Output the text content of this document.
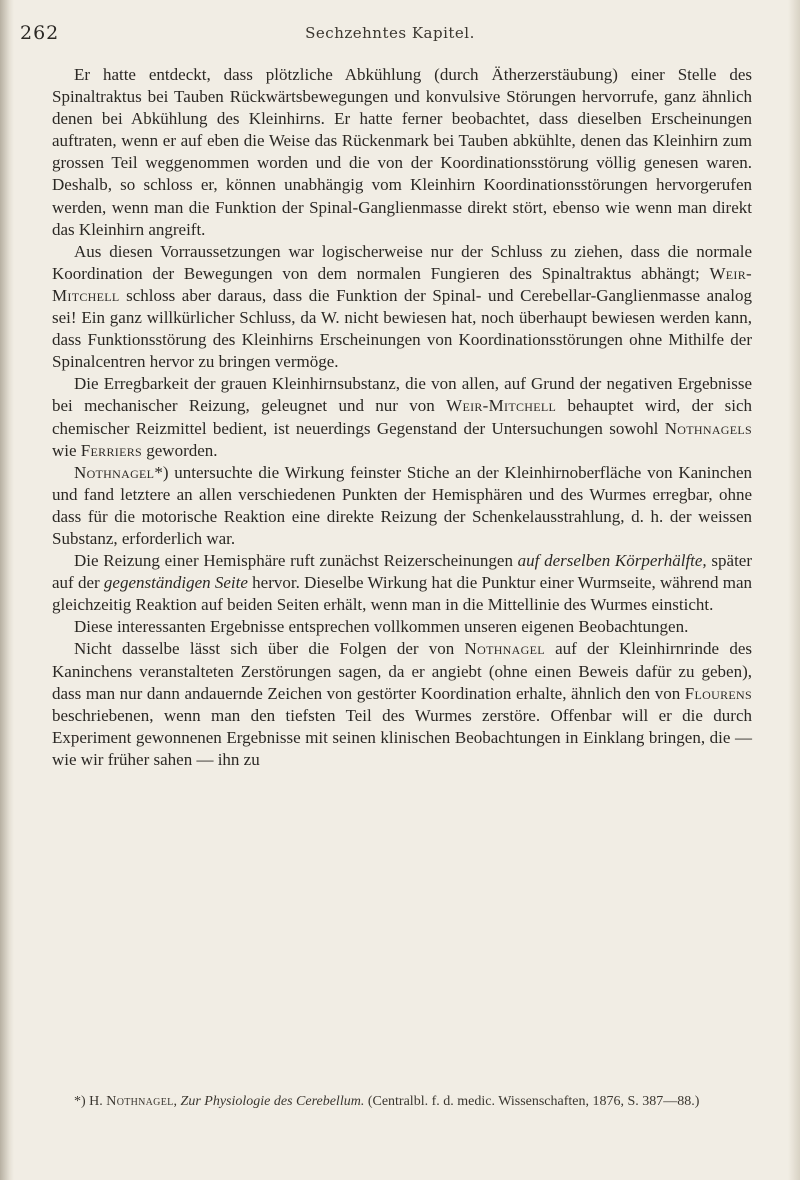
262	Sechzehntes Kapitel.

Er hatte entdeckt, dass plötzliche Abkühlung (durch Ätherzerstäubung) einer Stelle des Spinaltraktus bei Tauben Rückwärtsbewegungen und konvulsive Störungen hervorrufe, ganz ähnlich denen bei Abkühlung des Kleinhirns. Er hatte ferner beobachtet, dass dieselben Erscheinungen auftraten, wenn er auf eben die Weise das Rückenmark bei Tauben abkühlte, denen das Kleinhirn zum grossen Teil weggenommen worden und die von der Koordinationsstörung völlig genesen waren. Deshalb, so schloss er, können unabhängig vom Kleinhirn Koordinationsstörungen hervorgerufen werden, wenn man die Funktion der Spinal-Ganglienmasse direkt stört, ebenso wie wenn man direkt das Kleinhirn angreift.

Aus diesen Vorraussetzungen war logischerweise nur der Schluss zu ziehen, dass die normale Koordination der Bewegungen von dem normalen Fungieren des Spinaltraktus abhängt; Weir-Mitchell schloss aber daraus, dass die Funktion der Spinal- und Cerebellar-Ganglienmasse analog sei! Ein ganz willkürlicher Schluss, da W. nicht bewiesen hat, noch überhaupt bewiesen werden kann, dass Funktionsstörung des Kleinhirns Erscheinungen von Koordinationsstörungen ohne Mithilfe der Spinalcentren hervor zu bringen vermöge.

Die Erregbarkeit der grauen Kleinhirnsubstanz, die von allen, auf Grund der negativen Ergebnisse bei mechanischer Reizung, geleugnet und nur von Weir-Mitchell behauptet wird, der sich chemischer Reizmittel bedient, ist neuerdings Gegenstand der Untersuchungen sowohl Nothnagels wie Ferriers geworden.

Nothnagel*) untersuchte die Wirkung feinster Stiche an der Kleinhirnoberfläche von Kaninchen und fand letztere an allen verschiedenen Punkten der Hemisphären und des Wurmes erregbar, ohne dass für die motorische Reaktion eine direkte Reizung der Schenkelausstrahlung, d. h. der weissen Substanz, erforderlich war.

Die Reizung einer Hemisphäre ruft zunächst Reizerscheinungen auf derselben Körperhälfte, später auf der gegenständigen Seite hervor. Dieselbe Wirkung hat die Punktur einer Wurmseite, während man gleichzeitig Reaktion auf beiden Seiten erhält, wenn man in die Mittellinie des Wurmes einsticht.

Diese interessanten Ergebnisse entsprechen vollkommen unseren eigenen Beobachtungen.

Nicht dasselbe lässt sich über die Folgen der von Nothnagel auf der Kleinhirnrinde des Kaninchens veranstalteten Zerstörungen sagen, da er angiebt (ohne einen Beweis dafür zu geben), dass man nur dann andauernde Zeichen von gestörter Koordination erhalte, ähnlich den von Flourens beschriebenen, wenn man den tiefsten Teil des Wurmes zerstöre. Offenbar will er die durch Experiment gewonnenen Ergebnisse mit seinen klinischen Beobachtungen in Einklang bringen, die — wie wir früher sahen — ihn zu

*) H. Nothnagel, Zur Physiologie des Cerebellum. (Centralbl. f. d. medic. Wissenschaften, 1876, S. 387—88.)
